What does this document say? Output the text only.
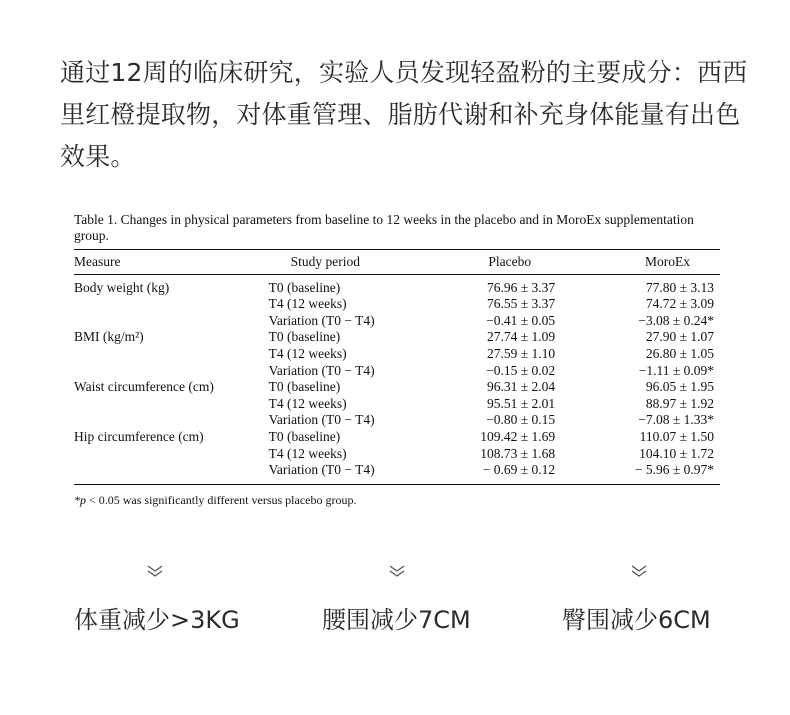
通过12周的临床研究，实验人员发现轻盈粉的主要成分：西西里红橙提取物，对体重管理、脂肪代谢和补充身体能量有出色效果。

Table 1. Changes in physical parameters from baseline to 12 weeks in the placebo and in MoroEx supplementation group.

Measure	Study period	Placebo	MoroEx

Body weight (kg)	T0 (baseline)	76.96 ± 3.37	77.80 ± 3.13
	T4 (12 weeks)	76.55 ± 3.37	74.72 ± 3.09
	Variation (T0 − T4)	−0.41 ± 0.05	−3.08 ± 0.24*
BMI (kg/m²)	T0 (baseline)	27.74 ± 1.09	27.90 ± 1.07
	T4 (12 weeks)	27.59 ± 1.10	26.80 ± 1.05
	Variation (T0 − T4)	−0.15 ± 0.02	−1.11 ± 0.09*
Waist circumference (cm)	T0 (baseline)	96.31 ± 2.04	96.05 ± 1.95
	T4 (12 weeks)	95.51 ± 2.01	88.97 ± 1.92
	Variation (T0 − T4)	−0.80 ± 0.15	−7.08 ± 1.33*
Hip circumference (cm)	T0 (baseline)	109.42 ± 1.69	110.07 ± 1.50
	T4 (12 weeks)	108.73 ± 1.68	104.10 ± 1.72
	Variation (T0 − T4)	− 0.69 ± 0.12	− 5.96 ± 0.97*
*p < 0.05 was significantly different versus placebo group.
体重减少>3KG	腰围减少7CM	臀围减少6CM
